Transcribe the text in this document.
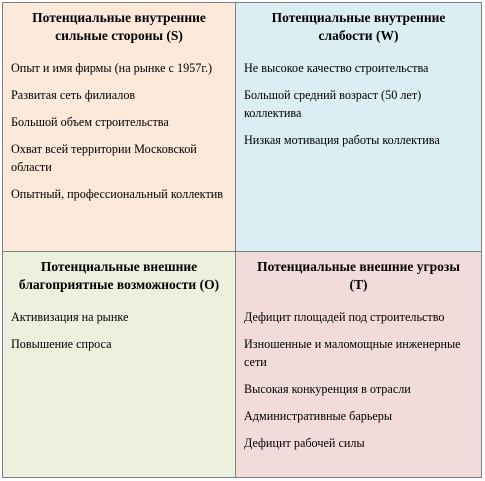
Потенциальные внутренние сильные стороны (S)
Опыт и имя фирмы (на рынке с 1957г.)
Развитая сеть филиалов
Большой объем строительства
Охват всей территории Московской области
Опытный, профессиональный коллектив
Потенциальные внутренние слабости (W)
Не высокое качество строительства
Большой средний возраст (50 лет) коллектива
Низкая мотивация работы коллектива
Потенциальные внешние благоприятные возможности (O)
Активизация на рынке
Повышение спроса
Потенциальные внешние угрозы (T)
Дефицит площадей под строительство
Изношенные и маломощные инженерные сети
Высокая конкуренция в отрасли
Административные барьеры
Дефицит рабочей силы
